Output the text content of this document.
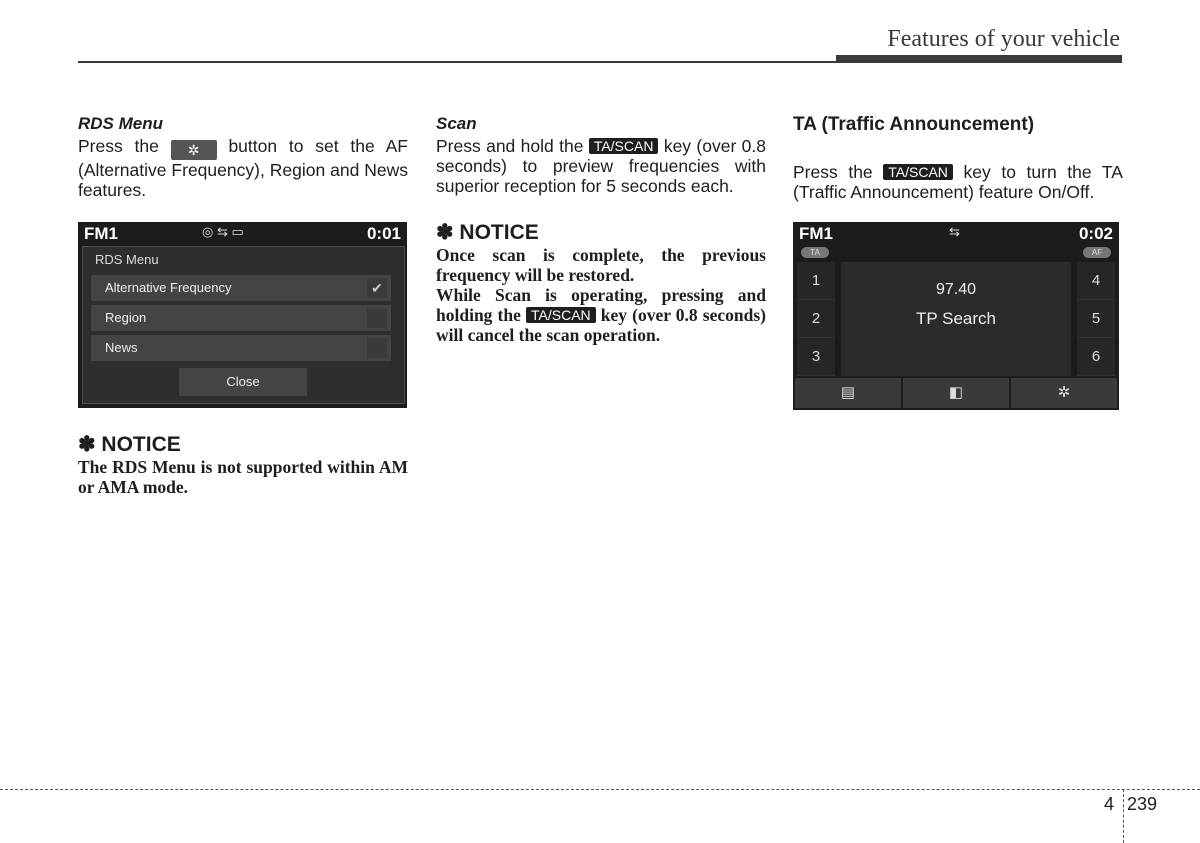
Features of your vehicle
RDS Menu
Press the ✲ button to set the AF (Alternative Frequency), Region and News features.
FM1	◎ ⇆ ▭	0:01
RDS Menu
Alternative Frequency	✔
Region
News
Close
✽ NOTICE
The RDS Menu is not supported within AM or AMA mode.
Scan
Press and hold the TA/SCAN key (over 0.8 seconds) to preview frequencies with superior reception for 5 seconds each.
✽ NOTICE
Once scan is complete, the previous frequency will be restored.
While Scan is operating, pressing and holding the TA/SCAN key (over 0.8 seconds) will cancel the scan operation.
TA (Traffic Announcement)
Press the TA/SCAN key to turn the TA (Traffic Announcement) feature On/Off.
FM1	⇆	0:02
TA	AF
1
2
3
97.40
TP Search
4
5
6
▤	◧	✲
4 239
